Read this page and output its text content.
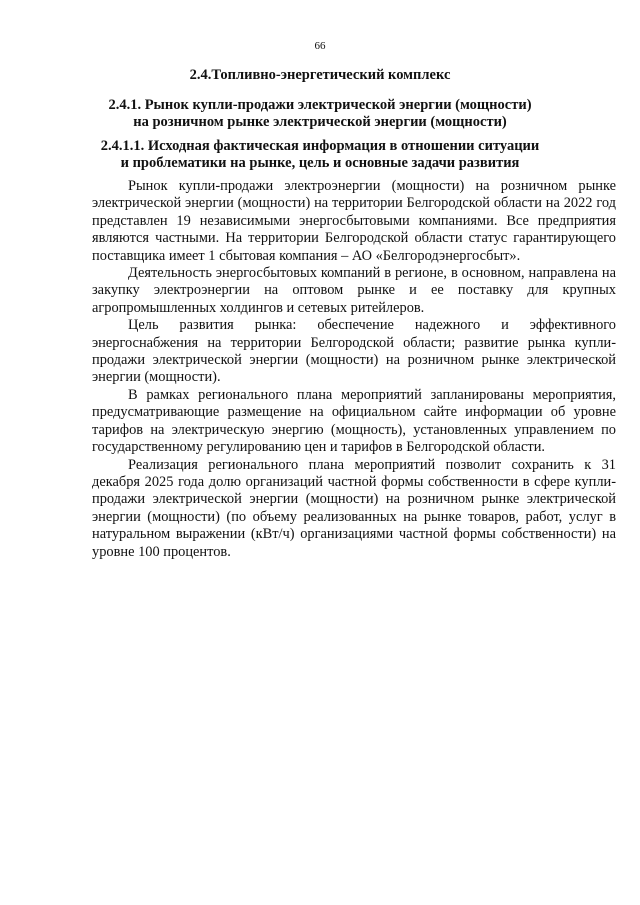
66
2.4.Топливно-энергетический комплекс
2.4.1. Рынок купли-продажи электрической энергии (мощности)
на розничном рынке электрической энергии (мощности)
2.4.1.1. Исходная фактическая информация в отношении ситуации
и проблематики на рынке, цель и основные задачи развития

Рынок купли-продажи электроэнергии (мощности) на розничном рынке электрической энергии (мощности) на территории Белгородской области на 2022 год представлен 19 независимыми энергосбытовыми компаниями. Все предприятия являются частными. На территории Белгородской области статус гарантирующего поставщика имеет 1 сбытовая компания – АО «Белгородэнергосбыт».

Деятельность энергосбытовых компаний в регионе, в основном, направлена на закупку электроэнергии на оптовом рынке и ее поставку для крупных агропромышленных холдингов и сетевых ритейлеров.

Цель развития рынка: обеспечение надежного и эффективного энергоснабжения на территории Белгородской области; развитие рынка купли-продажи электрической энергии (мощности) на розничном рынке электрической энергии (мощности).

В рамках регионального плана мероприятий запланированы мероприятия, предусматривающие размещение на официальном сайте информации об уровне тарифов на электрическую энергию (мощность), установленных управлением по государственному регулированию цен и тарифов в Белгородской области.

Реализация регионального плана мероприятий позволит сохранить к 31 декабря 2025 года долю организаций частной формы собственности в сфере купли-продажи электрической энергии (мощности) на розничном рынке электрической энергии (мощности) (по объему реализованных на рынке товаров, работ, услуг в натуральном выражении (кВт/ч) организациями частной формы собственности) на уровне 100 процентов.
